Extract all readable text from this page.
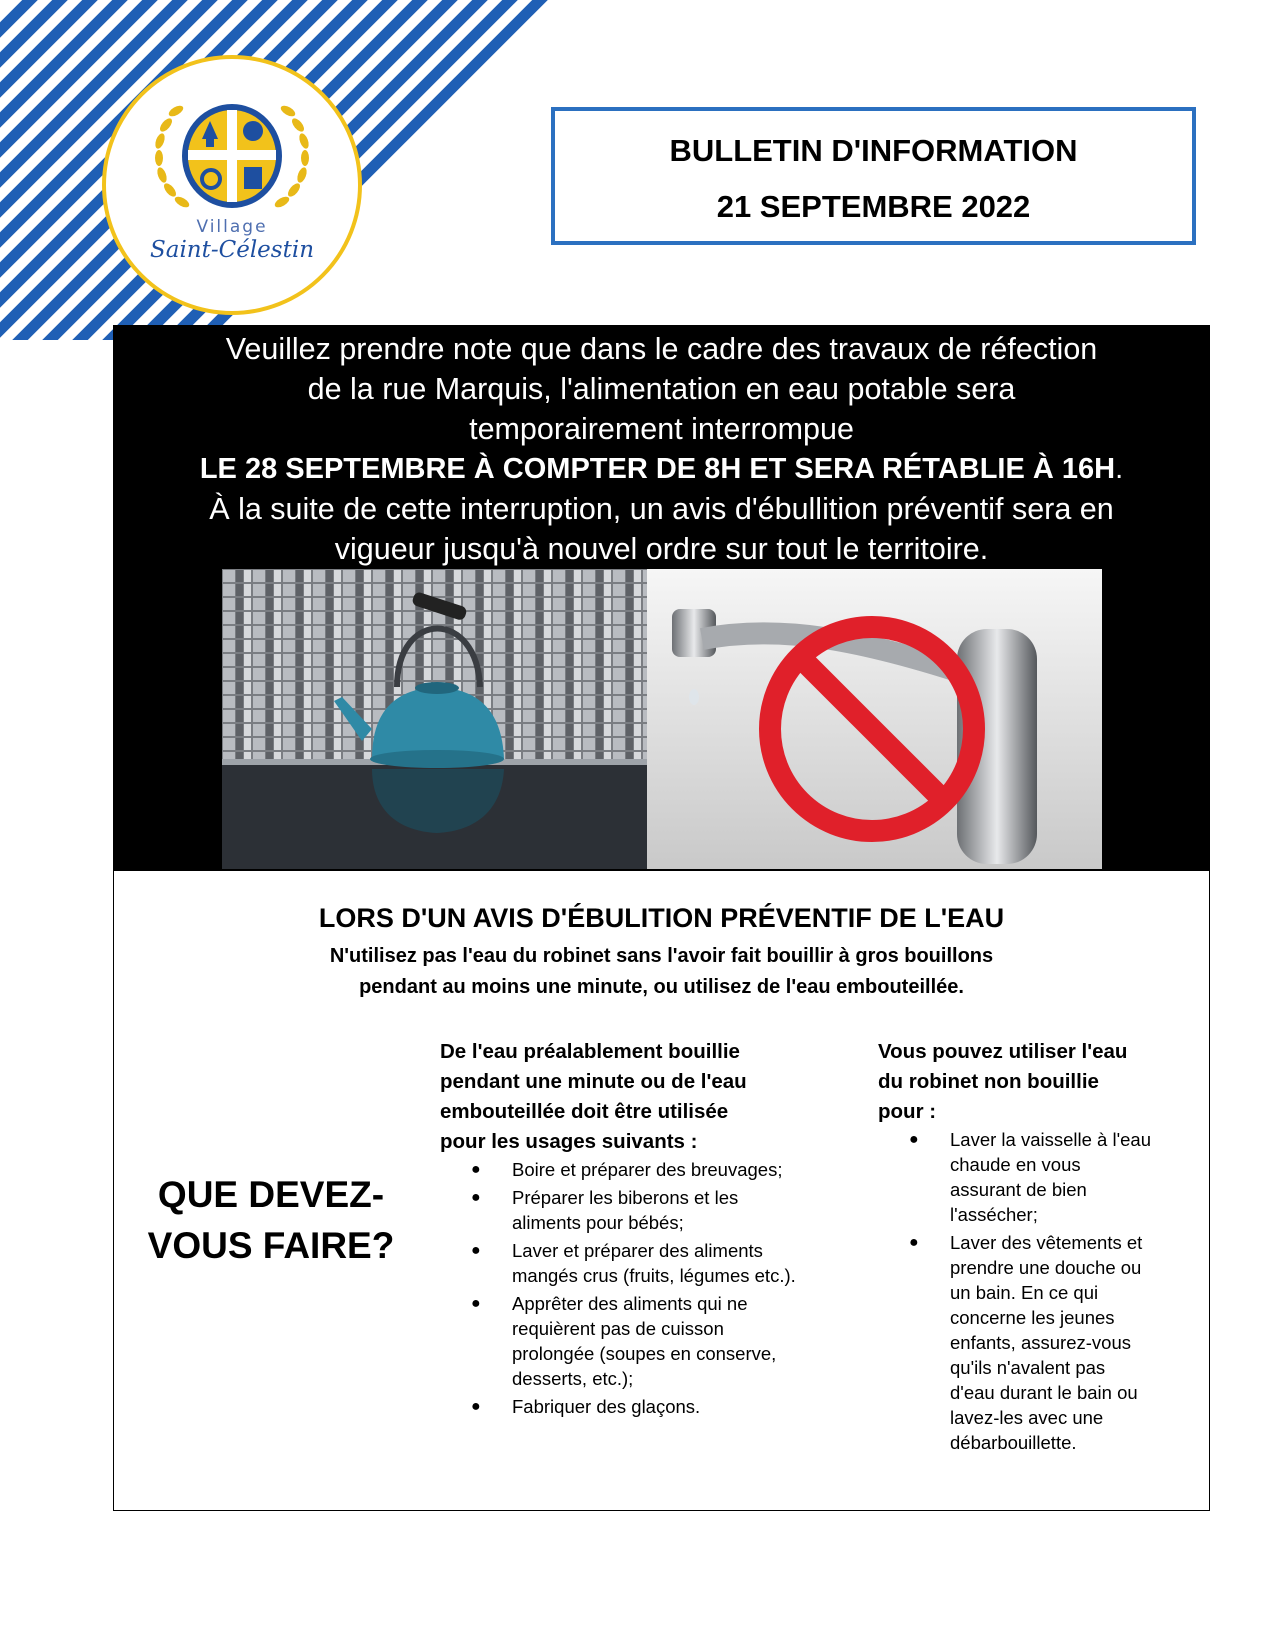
Village
Saint-Célestin
BULLETIN D'INFORMATION
21 SEPTEMBRE 2022
Veuillez prendre note que dans le cadre des travaux de réfection
de la rue Marquis, l'alimentation en eau potable sera
temporairement interrompue
LE 28 SEPTEMBRE À COMPTER DE 8H ET SERA RÉTABLIE À 16H.
À la suite de cette interruption, un avis d'ébullition préventif sera en
vigueur jusqu'à nouvel ordre sur tout le territoire.
LORS D'UN AVIS D'ÉBULITION PRÉVENTIF DE L'EAU
N'utilisez pas l'eau du robinet sans l'avoir fait bouillir à gros bouillons
pendant au moins une minute, ou utilisez de l'eau embouteillée.
QUE DEVEZ-
VOUS FAIRE?
De l'eau préalablement bouillie
pendant une minute ou de l'eau
embouteillée doit être utilisée
pour les usages suivants :
● Boire et préparer des breuvages;
● Préparer les biberons et les
aliments pour bébés;
● Laver et préparer des aliments
mangés crus (fruits, légumes etc.).
● Apprêter des aliments qui ne
requièrent pas de cuisson
prolongée (soupes en conserve,
desserts, etc.);
● Fabriquer des glaçons.
Vous pouvez utiliser l'eau
du robinet non bouillie
pour :
● Laver la vaisselle à l'eau
chaude en vous
assurant de bien
l'assécher;
● Laver des vêtements et
prendre une douche ou
un bain. En ce qui
concerne les jeunes
enfants, assurez-vous
qu'ils n'avalent pas
d'eau durant le bain ou
lavez-les avec une
débarbouillette.
